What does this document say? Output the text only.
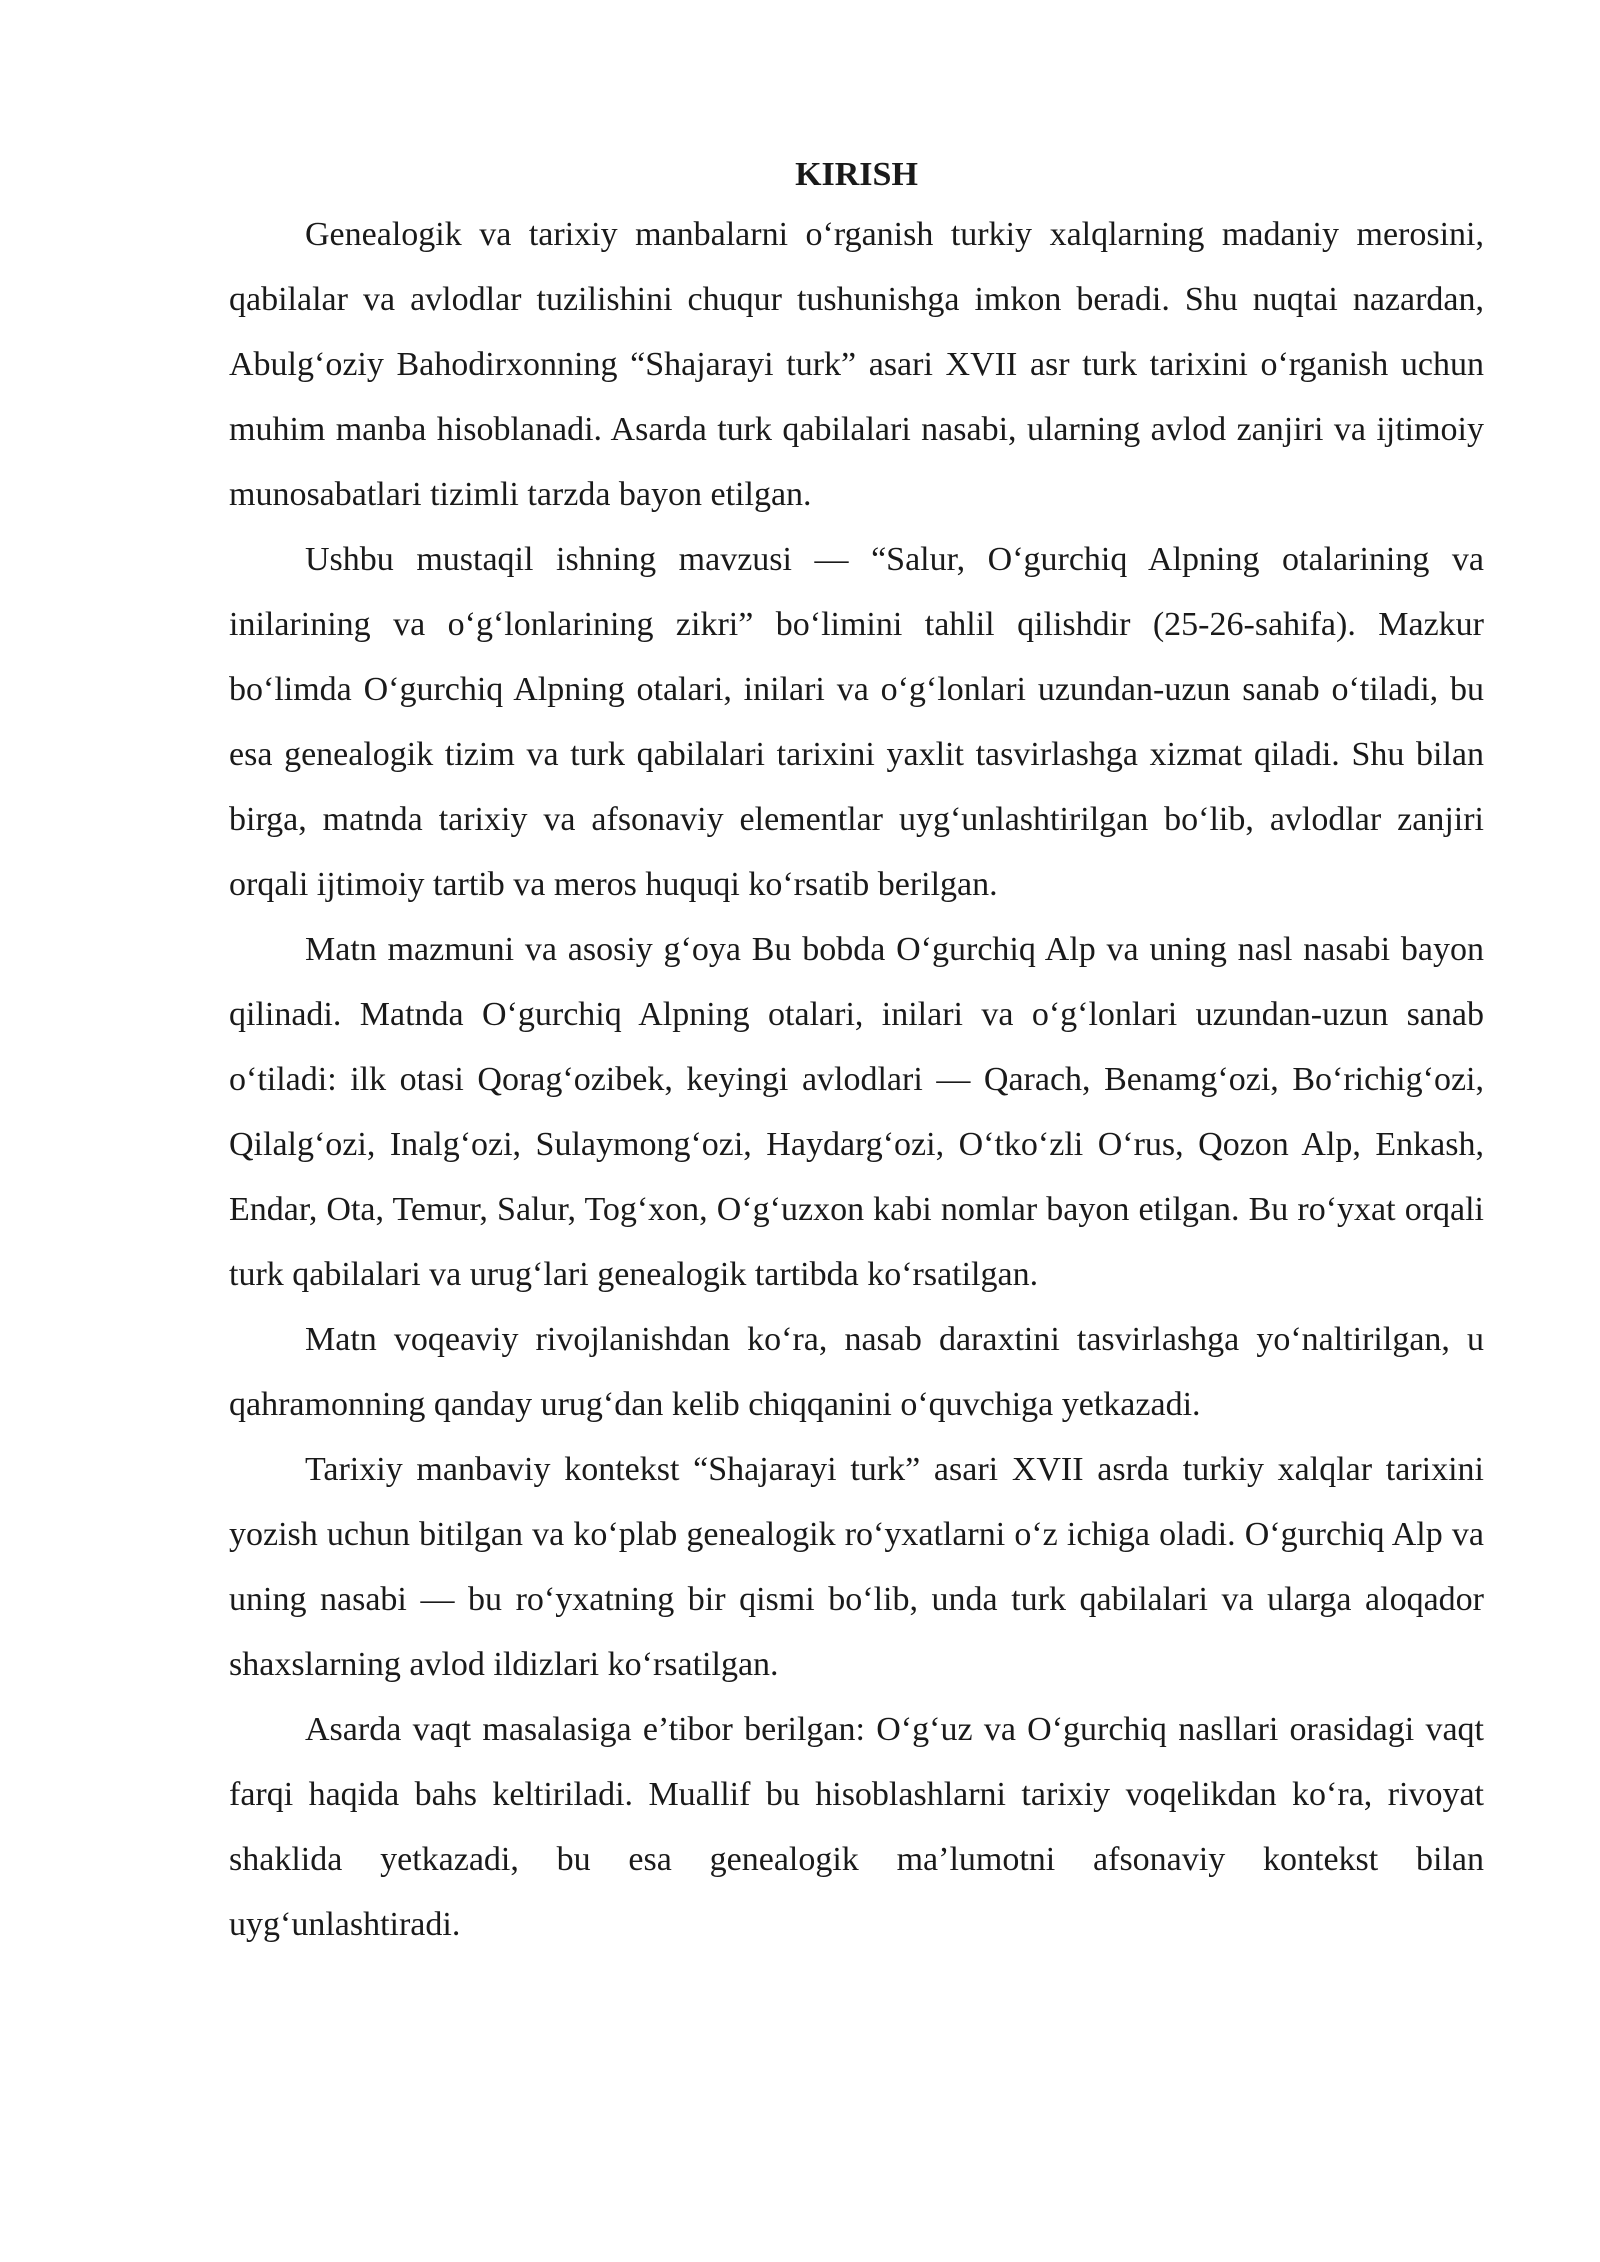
KIRISH

Genealogik va tarixiy manbalarni o‘rganish turkiy xalqlarning madaniy merosini, qabilalar va avlodlar tuzilishini chuqur tushunishga imkon beradi. Shu nuqtai nazardan, Abulg‘oziy Bahodirxonning “Shajarayi turk” asari XVII asr turk tarixini o‘rganish uchun muhim manba hisoblanadi. Asarda turk qabilalari nasabi, ularning avlod zanjiri va ijtimoiy munosabatlari tizimli tarzda bayon etilgan.

Ushbu mustaqil ishning mavzusi — “Salur, O‘gurchiq Alpning otalarining va inilarining va o‘g‘lonlarining zikri” bo‘limini tahlil qilishdir (25-26-sahifa). Mazkur bo‘limda O‘gurchiq Alpning otalari, inilari va o‘g‘lonlari uzundan-uzun sanab o‘tiladi, bu esa genealogik tizim va turk qabilalari tarixini yaxlit tasvirlashga xizmat qiladi. Shu bilan birga, matnda tarixiy va afsonaviy elementlar uyg‘unlashtirilgan bo‘lib, avlodlar zanjiri orqali ijtimoiy tartib va meros huquqi ko‘rsatib berilgan.

Matn mazmuni va asosiy g‘oya Bu bobda O‘gurchiq Alp va uning nasl nasabi bayon qilinadi. Matnda O‘gurchiq Alpning otalari, inilari va o‘g‘lonlari uzundan-uzun sanab o‘tiladi: ilk otasi Qorag‘ozibek, keyingi avlodlari — Qarach, Benamg‘ozi, Bo‘richig‘ozi, Qilalg‘ozi, Inalg‘ozi, Sulaymong‘ozi, Haydarg‘ozi, O‘tko‘zli O‘rus, Qozon Alp, Enkash, Endar, Ota, Temur, Salur, Tog‘xon, O‘g‘uzxon kabi nomlar bayon etilgan. Bu ro‘yxat orqali turk qabilalari va urug‘lari genealogik tartibda ko‘rsatilgan.

Matn voqeaviy rivojlanishdan ko‘ra, nasab daraxtini tasvirlashga yo‘naltirilgan, u qahramonning qanday urug‘dan kelib chiqqanini o‘quvchiga yetkazadi.

Tarixiy manbaviy kontekst “Shajarayi turk” asari XVII asrda turkiy xalqlar tarixini yozish uchun bitilgan va ko‘plab genealogik ro‘yxatlarni o‘z ichiga oladi. O‘gurchiq Alp va uning nasabi — bu ro‘yxatning bir qismi bo‘lib, unda turk qabilalari va ularga aloqador shaxslarning avlod ildizlari ko‘rsatilgan.

Asarda vaqt masalasiga e’tibor berilgan: O‘g‘uz va O‘gurchiq nasllari orasidagi vaqt farqi haqida bahs keltiriladi. Muallif bu hisoblashlarni tarixiy voqelikdan ko‘ra, rivoyat shaklida yetkazadi, bu esa genealogik ma’lumotni afsonaviy kontekst bilan uyg‘unlashtiradi.
